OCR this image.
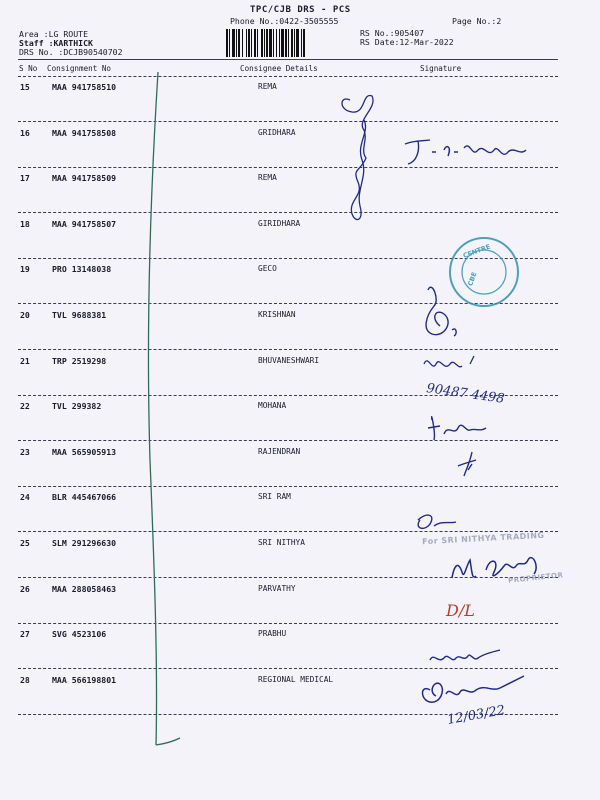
TPC/CJB DRS - PCS
Phone No.:0422-3505555	Page No.:2
Area :LG ROUTE
Staff :KARTHICK
DRS No. :DCJB90540702
RS No.:905407
RS Date:12-Mar-2022
S No Consignment No	Consignee Details	Signature
15	MAA 941758510	REMA
16	MAA 941758508	GRIDHARA
17	MAA 941758509	REMA
18	MAA 941758507	GIRIDHARA
19	PRO 13148038	GECO
20	TVL 9688381	KRISHNAN
21	TRP 2519298	BHUVANESHWARI
22	TVL 299382	MOHANA
23	MAA 565905913	RAJENDRAN
24	BLR 445467066	SRI RAM
25	SLM 291296630	SRI NITHYA
26	MAA 288058463	PARVATHY
27	SVG 4523106	PRABHU
28	MAA 566198801	REGIONAL MEDICAL
For SRI NITHYA TRADING
PROPRIETOR
CENTRE
CBE
90487 4498
D/L
12/03/22
